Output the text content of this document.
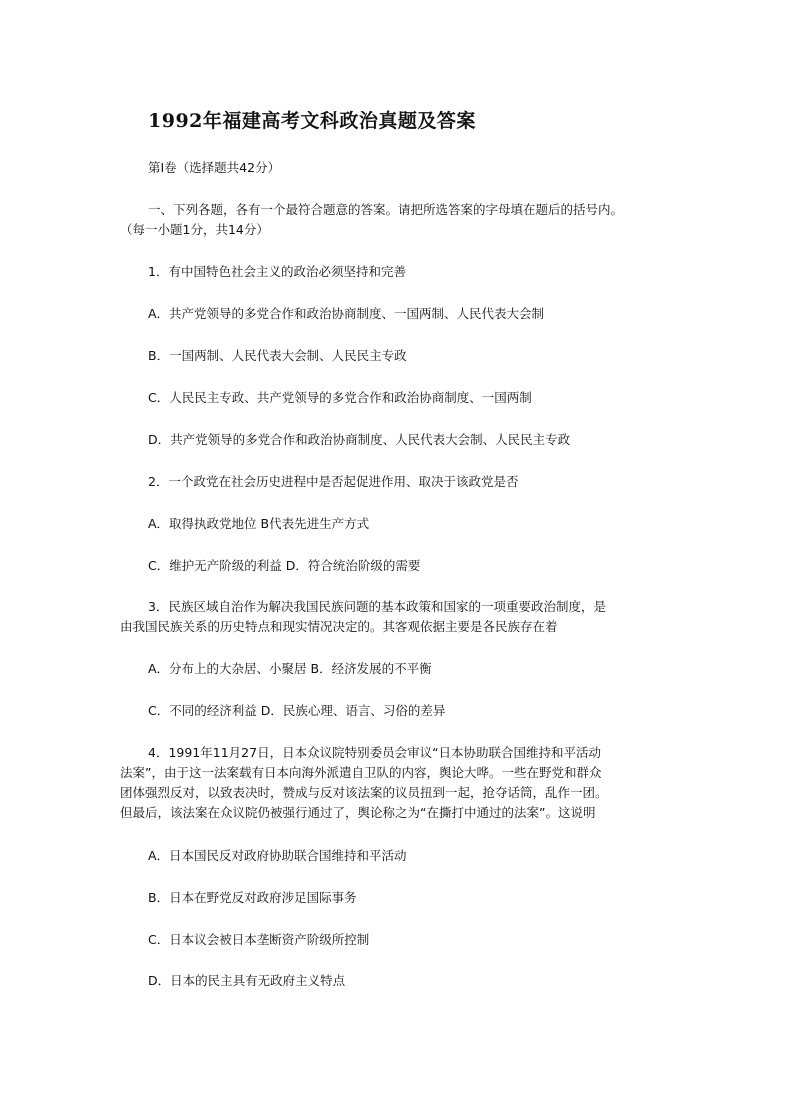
1992年福建高考文科政治真题及答案
第Ⅰ卷（选择题共42分）
一、下列各题，各有一个最符合题意的答案。请把所选答案的字母填在题后的括号内。
（每一小题1分，共14分）
1．有中国特色社会主义的政治必须坚持和完善
A．共产党领导的多党合作和政治协商制度、一国两制、人民代表大会制
B．一国两制、人民代表大会制、人民民主专政
C．人民民主专政、共产党领导的多党合作和政治协商制度、一国两制
D．共产党领导的多党合作和政治协商制度、人民代表大会制、人民民主专政
2．一个政党在社会历史进程中是否起促进作用、取决于该政党是否
A．取得执政党地位 B代表先进生产方式
C．维护无产阶级的利益 D．符合统治阶级的需要
3．民族区域自治作为解决我国民族问题的基本政策和国家的一项重要政治制度，是
由我国民族关系的历史特点和现实情况决定的。其客观依据主要是各民族存在着
A．分布上的大杂居、小聚居 B．经济发展的不平衡
C．不同的经济利益 D．民族心理、语言、习俗的差异
4．1991年11月27日，日本众议院特别委员会审议“日本协助联合国维持和平活动
法案”，由于这一法案载有日本向海外派遣自卫队的内容，舆论大哗。一些在野党和群众
团体强烈反对，以致表决时，赞成与反对该法案的议员扭到一起，抢夺话筒，乱作一团。
但最后，该法案在众议院仍被强行通过了，舆论称之为“在撕打中通过的法案”。这说明
A．日本国民反对政府协助联合国维持和平活动
B．日本在野党反对政府涉足国际事务
C．日本议会被日本垄断资产阶级所控制
D．日本的民主具有无政府主义特点
